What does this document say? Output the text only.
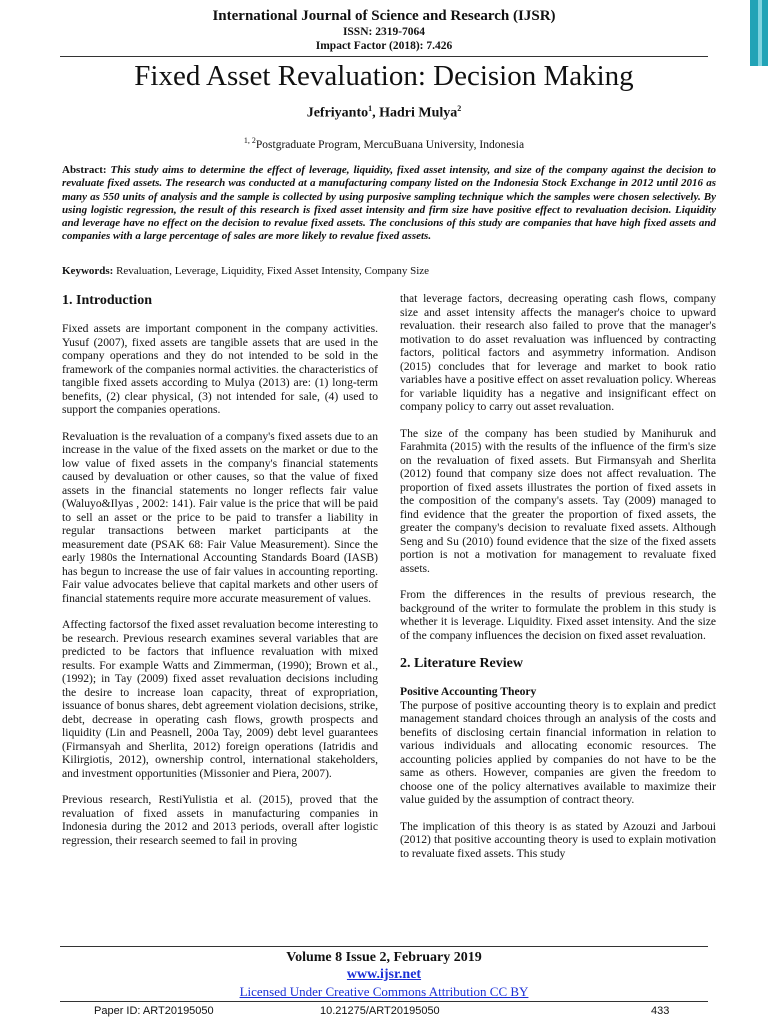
International Journal of Science and Research (IJSR)
ISSN: 2319-7064
Impact Factor (2018): 7.426
Fixed Asset Revaluation: Decision Making
Jefriyanto$^1$, Hadri Mulya$^2$
$^{1, 2}$Postgraduate Program, MercuBuana University, Indonesia
Abstract: This study aims to determine the effect of leverage, liquidity, fixed asset intensity, and size of the company against the decision to revaluate fixed assets. The research was conducted at a manufacturing company listed on the Indonesia Stock Exchange in 2012 until 2016 as many as 550 units of analysis and the sample is collected by using purposive sampling technique which the samples were chosen selectively. By using logistic regression, the result of this research is fixed asset intensity and firm size have positive effect to revaluation decision. Liquidity and leverage have no effect on the decision to revalue fixed assets. The conclusions of this study are companies that have high fixed assets and companies with a large percentage of sales are more likely to revalue fixed assets.
Keywords: Revaluation, Leverage, Liquidity, Fixed Asset Intensity, Company Size
1. Introduction

Fixed assets are important component in the company activities. Yusuf (2007), fixed assets are tangible assets that are used in the company operations and they do not intended to be sold in the framework of the companies normal activities. the characteristics of tangible fixed assets according to Mulya (2013) are: (1) long-term benefits, (2) clear physical, (3) not intended for sale, (4) used to support the companies operations.

Revaluation is the revaluation of a company's fixed assets due to an increase in the value of the fixed assets on the market or due to the low value of fixed assets in the company's financial statements caused by devaluation or other causes, so that the value of fixed assets in the financial statements no longer reflects fair value (Waluyo&Ilyas , 2002: 141). Fair value is the price that will be paid to sell an asset or the price to be paid to transfer a liability in regular transactions between market participants at the measurement date (PSAK 68: Fair Value Measurement). Since the early 1980s the International Accounting Standards Board (IASB) has begun to increase the use of fair values in accounting reporting. Fair value advocates believe that capital markets and other users of financial statements require more accurate measurement of values.

Affecting factorsof the fixed asset revaluation become interesting to be research. Previous research examines several variables that are predicted to be factors that influence revaluation with mixed results. For example Watts and Zimmerman, (1990); Brown et al., (1992); in Tay (2009) fixed asset revaluation decisions including the desire to increase loan capacity, threat of expropriation, issuance of bonus shares, debt agreement violation decisions, strike, debt, decrease in operating cash flows, growth prospects and liquidity (Lin and Peasnell, 200a Tay, 2009) debt level guarantees (Firmansyah and Sherlita, 2012) foreign operations (Iatridis and Kilirgiotis, 2012), ownership control, international stakeholders, and investment opportunities (Missonier and Piera, 2007).

Previous research, RestiYulistia et al. (2015), proved that the revaluation of fixed assets in manufacturing companies in Indonesia during the 2012 and 2013 periods, overall after logistic regression, their research seemed to fail in proving

that leverage factors, decreasing operating cash flows, company size and asset intensity affects the manager's choice to upward revaluation. their research also failed to prove that the manager's motivation to do asset revaluation was influenced by contracting factors, political factors and asymmetry information. Andison (2015) concludes that for leverage and market to book ratio variables have a positive effect on asset revaluation policy. Whereas for variable liquidity has a negative and insignificant effect on company policy to carry out asset revaluation.

The size of the company has been studied by Manihuruk and Farahmita (2015) with the results of the influence of the firm's size on the revaluation of fixed assets. But Firmansyah and Sherlita (2012) found that company size does not affect revaluation. The proportion of fixed assets illustrates the portion of fixed assets in the composition of the company's assets. Tay (2009) managed to find evidence that the greater the proportion of fixed assets, the greater the company's decision to revaluate fixed assets. Although Seng and Su (2010) found evidence that the size of the fixed assets portion is not a motivation for management to revaluate fixed assets.

From the differences in the results of previous research, the background of the writer to formulate the problem in this study is whether it is leverage. Liquidity. Fixed asset intensity. And the size of the company influences the decision on fixed asset revaluation.

2. Literature Review
Positive Accounting Theory

The purpose of positive accounting theory is to explain and predict management standard choices through an analysis of the costs and benefits of disclosing certain financial information in relation to various individuals and allocating economic resources. The accounting policies applied by companies do not have to be the same as others. However, companies are given the freedom to choose one of the policy alternatives available to maximize their value guided by the assumption of contract theory.

The implication of this theory is as stated by Azouzi and Jarboui (2012) that positive accounting theory is used to explain motivation to revaluate fixed assets. This study

Volume 8 Issue 2, February 2019
www.ijsr.net
Licensed Under Creative Commons Attribution CC BY
Paper ID: ART20195050	10.21275/ART20195050	433
